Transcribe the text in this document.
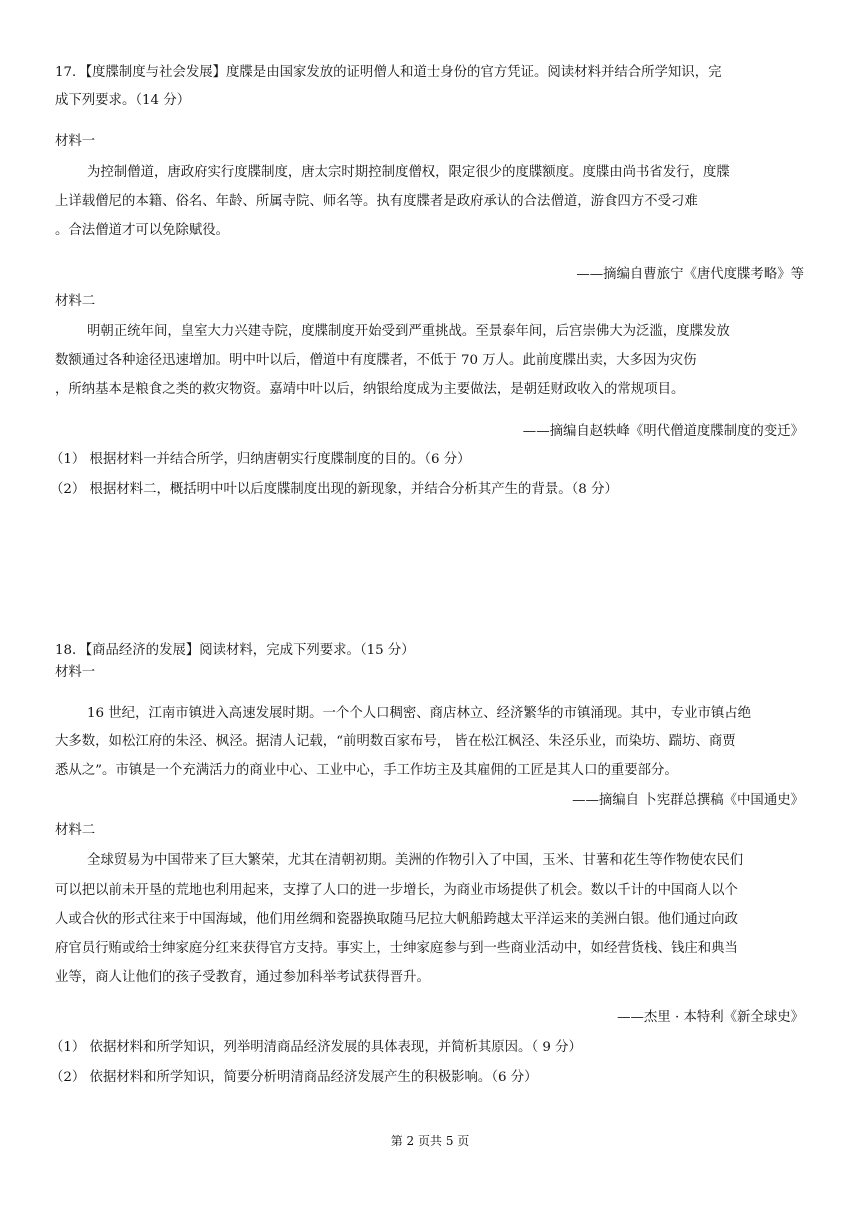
17．【度牒制度与社会发展】度牒是由国家发放的证明僧人和道士身份的官方凭证。阅读材料并结合所学知识，完
成下列要求。（14 分）
材料一
为控制僧道，唐政府实行度牒制度，唐太宗时期控制度僧权，限定很少的度牒额度。度牒由尚书省发行，度牒
上详载僧尼的本籍、俗名、年龄、所属寺院、师名等。执有度牒者是政府承认的合法僧道，游食四方不受刁难
。合法僧道才可以免除赋役。
——摘编自曹旅宁《唐代度牒考略》等
材料二
明朝正统年间，皇室大力兴建寺院，度牒制度开始受到严重挑战。至景泰年间，后宫崇佛大为泛滥，度牒发放
数额通过各种途径迅速增加。明中叶以后，僧道中有度牒者，不低于 70 万人。此前度牒出卖，大多因为灾伤
，所纳基本是粮食之类的救灾物资。嘉靖中叶以后，纳银给度成为主要做法，是朝廷财政收入的常规项目。
——摘编自赵轶峰《明代僧道度牒制度的变迁》
（1） 根据材料一并结合所学，归纳唐朝实行度牒制度的目的。（6 分）
（2） 根据材料二，概括明中叶以后度牒制度出现的新现象，并结合分析其产生的背景。（8 分）
18．【商品经济的发展】阅读材料，完成下列要求。（15 分）
材料一
16 世纪，江南市镇进入高速发展时期。一个个人口稠密、商店林立、经济繁华的市镇涌现。其中，专业市镇占绝
大多数，如松江府的朱泾、枫泾。据清人记载，“前明数百家布号， 皆在松江枫泾、朱泾乐业，而染坊、踹坊、商贾
悉从之”。市镇是一个充满活力的商业中心、工业中心，手工作坊主及其雇佣的工匠是其人口的重要部分。
——摘编自 卜宪群总撰稿《中国通史》
材料二
全球贸易为中国带来了巨大繁荣，尤其在清朝初期。美洲的作物引入了中国，玉米、甘薯和花生等作物使农民们
可以把以前未开垦的荒地也利用起来，支撑了人口的进一步增长，为商业市场提供了机会。数以千计的中国商人以个
人或合伙的形式往来于中国海域，他们用丝绸和瓷器换取随马尼拉大帆船跨越太平洋运来的美洲白银。他们通过向政
府官员行贿或给士绅家庭分红来获得官方支持。事实上，士绅家庭参与到一些商业活动中，如经营货栈、钱庄和典当
业等，商人让他们的孩子受教育，通过参加科举考试获得晋升。
——杰里 · 本特利《新全球史》
（1） 依据材料和所学知识，列举明清商品经济发展的具体表现，并简析其原因。（ 9 分）
（2） 依据材料和所学知识，简要分析明清商品经济发展产生的积极影响。（6 分）
第 2 页共 5 页
